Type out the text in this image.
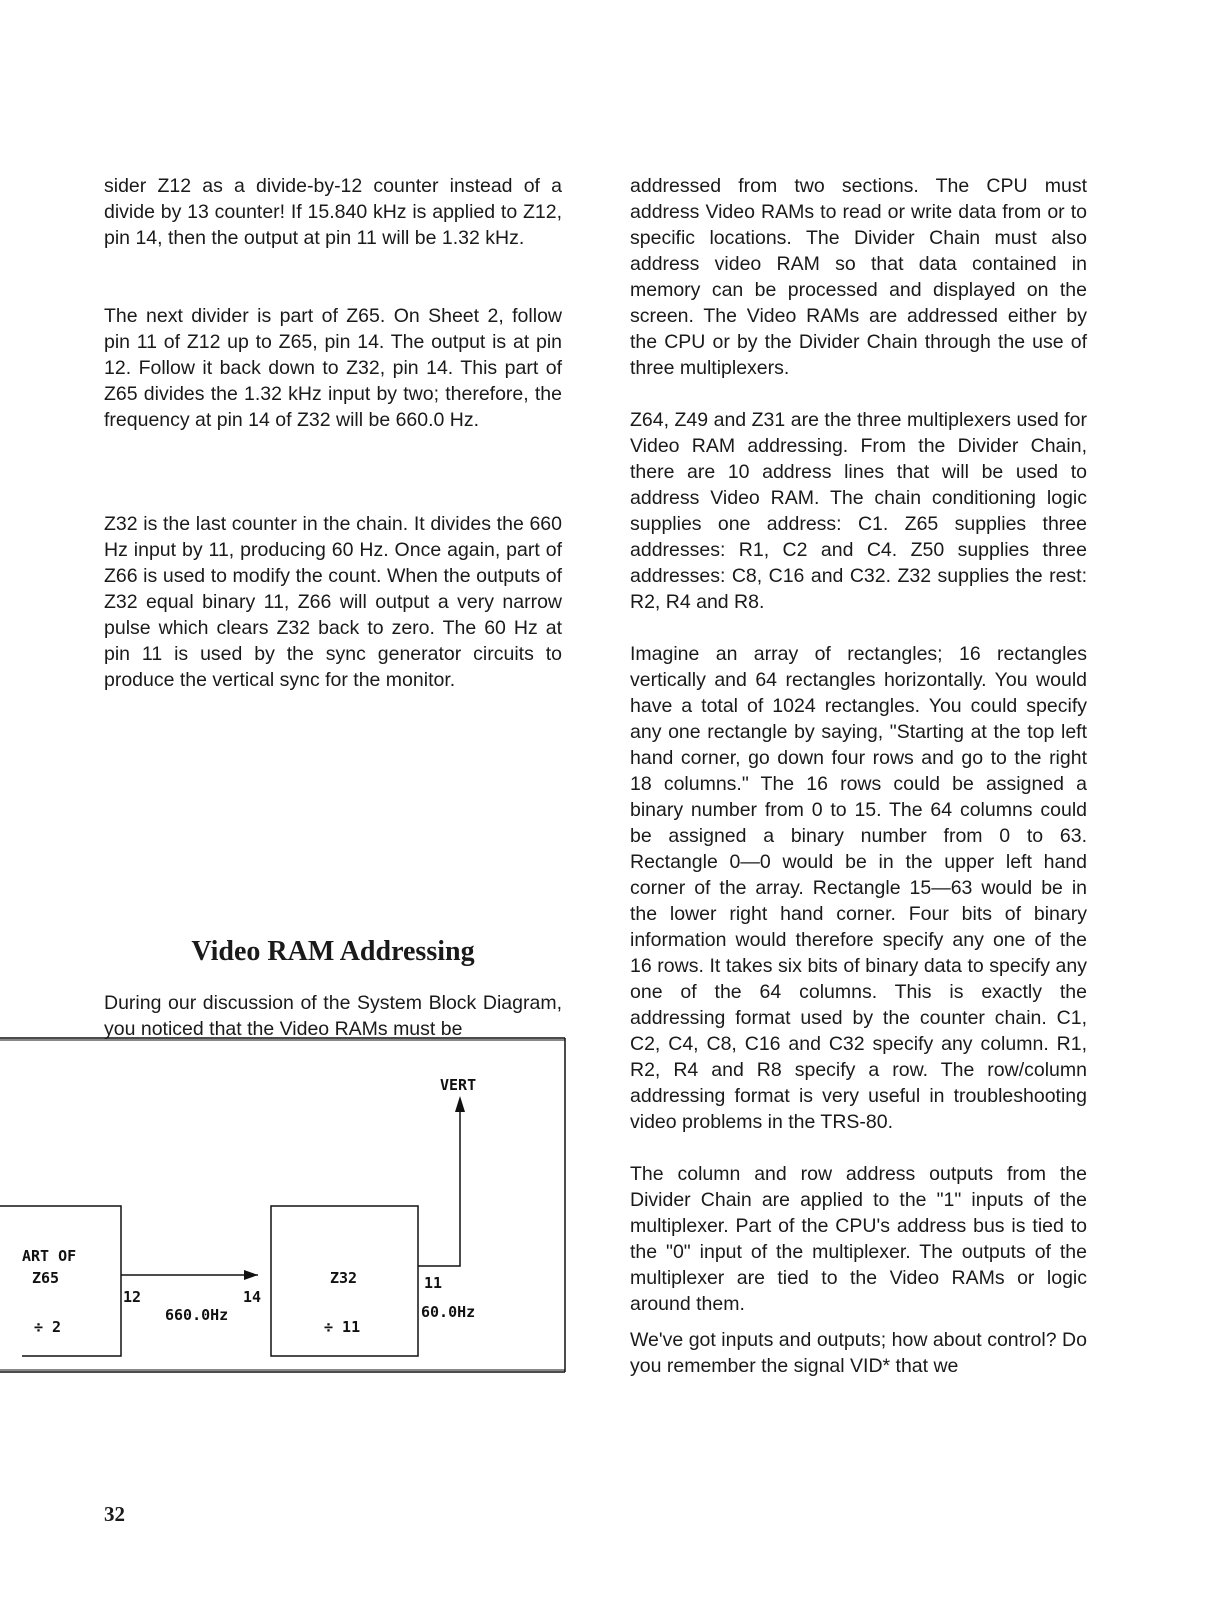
sider Z12 as a divide-by-12 counter instead of a divide by 13 counter! If 15.840 kHz is applied to Z12, pin 14, then the output at pin 11 will be 1.32 kHz.

The next divider is part of Z65. On Sheet 2, follow pin 11 of Z12 up to Z65, pin 14. The output is at pin 12. Follow it back down to Z32, pin 14. This part of Z65 divides the 1.32 kHz input by two; therefore, the frequency at pin 14 of Z32 will be 660.0 Hz.

Z32 is the last counter in the chain. It divides the 660 Hz input by 11, producing 60 Hz. Once again, part of Z66 is used to modify the count. When the outputs of Z32 equal binary 11, Z66 will output a very narrow pulse which clears Z32 back to zero. The 60 Hz at pin 11 is used by the sync generator circuits to produce the vertical sync for the monitor.

Video RAM Addressing

During our discussion of the System Block Diagram, you noticed that the Video RAMs must be

ART OF
Z65
÷ 2
12	14
660.0Hz
Z32
÷ 11
VERT
11
60.0Hz

addressed from two sections. The CPU must address Video RAMs to read or write data from or to specific locations. The Divider Chain must also address video RAM so that data contained in memory can be processed and displayed on the screen. The Video RAMs are addressed either by the CPU or by the Divider Chain through the use of three multiplexers.

Z64, Z49 and Z31 are the three multiplexers used for Video RAM addressing. From the Divider Chain, there are 10 address lines that will be used to address Video RAM. The chain conditioning logic supplies one address: C1. Z65 supplies three addresses: R1, C2 and C4. Z50 supplies three addresses: C8, C16 and C32. Z32 supplies the rest: R2, R4 and R8.

Imagine an array of rectangles; 16 rectangles vertically and 64 rectangles horizontally. You would have a total of 1024 rectangles. You could specify any one rectangle by saying, "Starting at the top left hand corner, go down four rows and go to the right 18 columns." The 16 rows could be assigned a binary number from 0 to 15. The 64 columns could be assigned a binary number from 0 to 63. Rectangle 0—0 would be in the upper left hand corner of the array. Rectangle 15—63 would be in the lower right hand corner. Four bits of binary information would therefore specify any one of the 16 rows. It takes six bits of binary data to specify any one of the 64 columns. This is exactly the addressing format used by the counter chain. C1, C2, C4, C8, C16 and C32 specify any column. R1, R2, R4 and R8 specify a row. The row/column addressing format is very useful in troubleshooting video problems in the TRS-80.

The column and row address outputs from the Divider Chain are applied to the "1" inputs of the multiplexer. Part of the CPU's address bus is tied to the "0" input of the multiplexer. The outputs of the multiplexer are tied to the Video RAMs or logic around them.

We've got inputs and outputs; how about control? Do you remember the signal VID* that we

32
